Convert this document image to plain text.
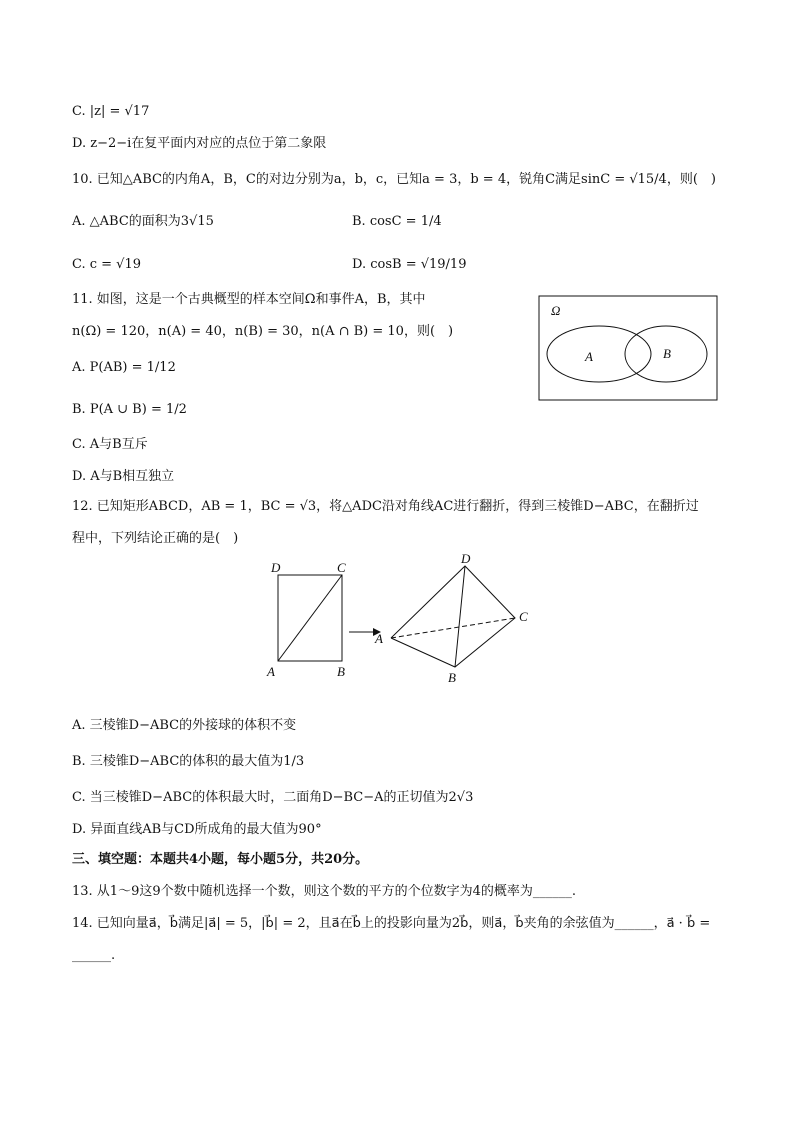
C. |z| = √17
D. z−2−i在复平面内对应的点位于第二象限
10. 已知△ABC的内角A，B，C的对边分别为a，b，c，已知a = 3，b = 4，锐角C满足sinC = √15/4，则(　)
A. △ABC的面积为3√15	B. cosC = 1/4
C. c = √19	D. cosB = √19/19
11. 如图，这是一个古典概型的样本空间Ω和事件A，B，其中
n(Ω) = 120，n(A) = 40，n(B) = 30，n(A ∩ B) = 10，则(　)
A. P(AB) = 1/12
B. P(A ∪ B) = 1/2
C. A与B互斥
D. A与B相互独立
Ω
A	B
12. 已知矩形ABCD，AB = 1，BC = √3，将△ADC沿对角线AC进行翻折，得到三棱锥D−ABC，在翻折过
程中，下列结论正确的是(　)
D	C
A	B
D
A
C
B
A. 三棱锥D−ABC的外接球的体积不变
B. 三棱锥D−ABC的体积的最大值为1/3
C. 当三棱锥D−ABC的体积最大时，二面角D−BC−A的正切值为2√3
D. 异面直线AB与CD所成角的最大值为90°
三、填空题：本题共4小题，每小题5分，共20分。
13. 从1～9这9个数中随机选择一个数，则这个数的平方的个位数字为4的概率为______.
14. 已知向量a⃗，b⃗满足|a⃗| = 5，|b⃗| = 2，且a⃗在b⃗上的投影向量为2b⃗，则a⃗，b⃗夹角的余弦值为______，a⃗ · b⃗ =
______.
